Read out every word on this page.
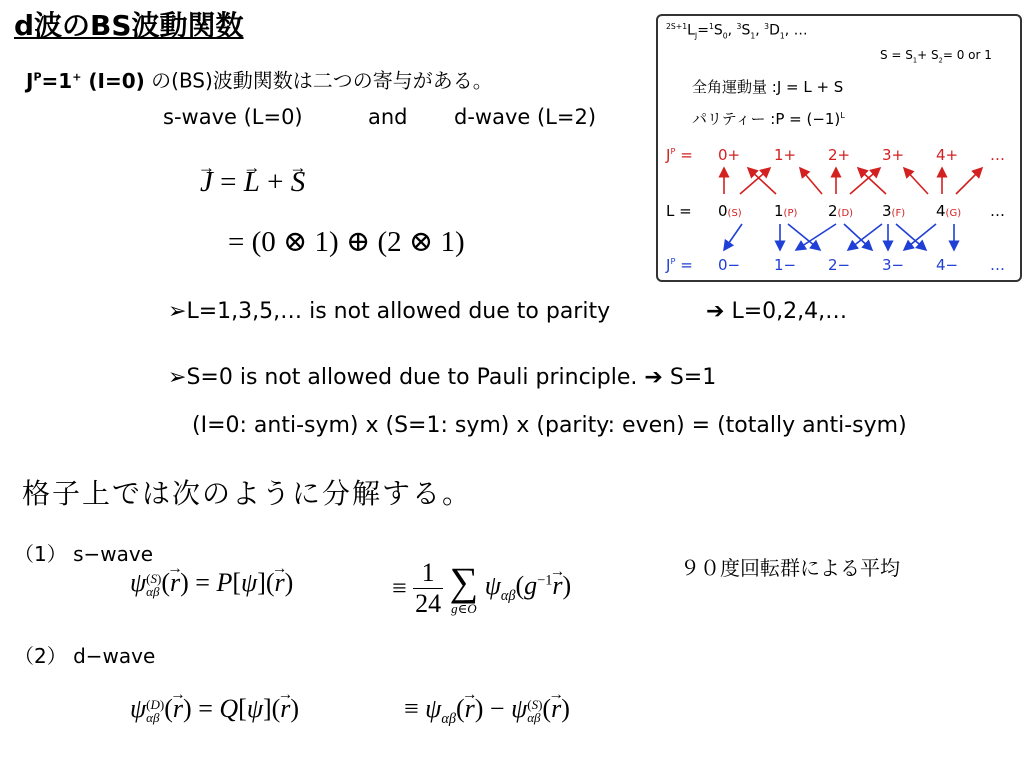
d波のBS波動関数
$J^P=1^+$ (I=0) の(BS)波動関数は二つの寄与がある。
s-wave (L=0)	and d-wave (L=2)
→ J = → L + → S
= (0 ⊗ 1) ⊕ (2 ⊗ 1)
➢L=1,3,5,… is not allowed due to parity	➔ L=0,2,4,…
➢S=0 is not allowed due to Pauli principle. ➔ S=1
(I=0: anti-sym) x (S=1: sym) x (parity: even) = (totally anti-sym)
格子上では次のように分解する。
（1） s−wave
ψ (S)
αβ (→ r) = P[ψ](→ r)	≡ $\frac{1}{24}$
∑
g∈O
$\psi_{\alpha\beta}(g^{-1}\to r)$
９０度回転群による平均
（2） d−wave
ψ (D)
αβ (→ r) = Q[ψ](→ r)	≡ $\psi_{\alpha\beta}(\to r) - \psi$ (S)
αβ (→ r)
$^{2S+1}L_J=^1S_0$, $^3S_1$, $^3D_1$, …
$S = S_1+ S_2= 0$ or 1
全角運動量 :J = L + S
パリティー :P = $(-1)^L$
$J^P = 0+ 1+ 2+ 3+ 4+$ …
L = 0(S) 1(P) 2(D) 3(F) 4(G) …
$J^P = 0- 1- 2- 3- 4-$ …
